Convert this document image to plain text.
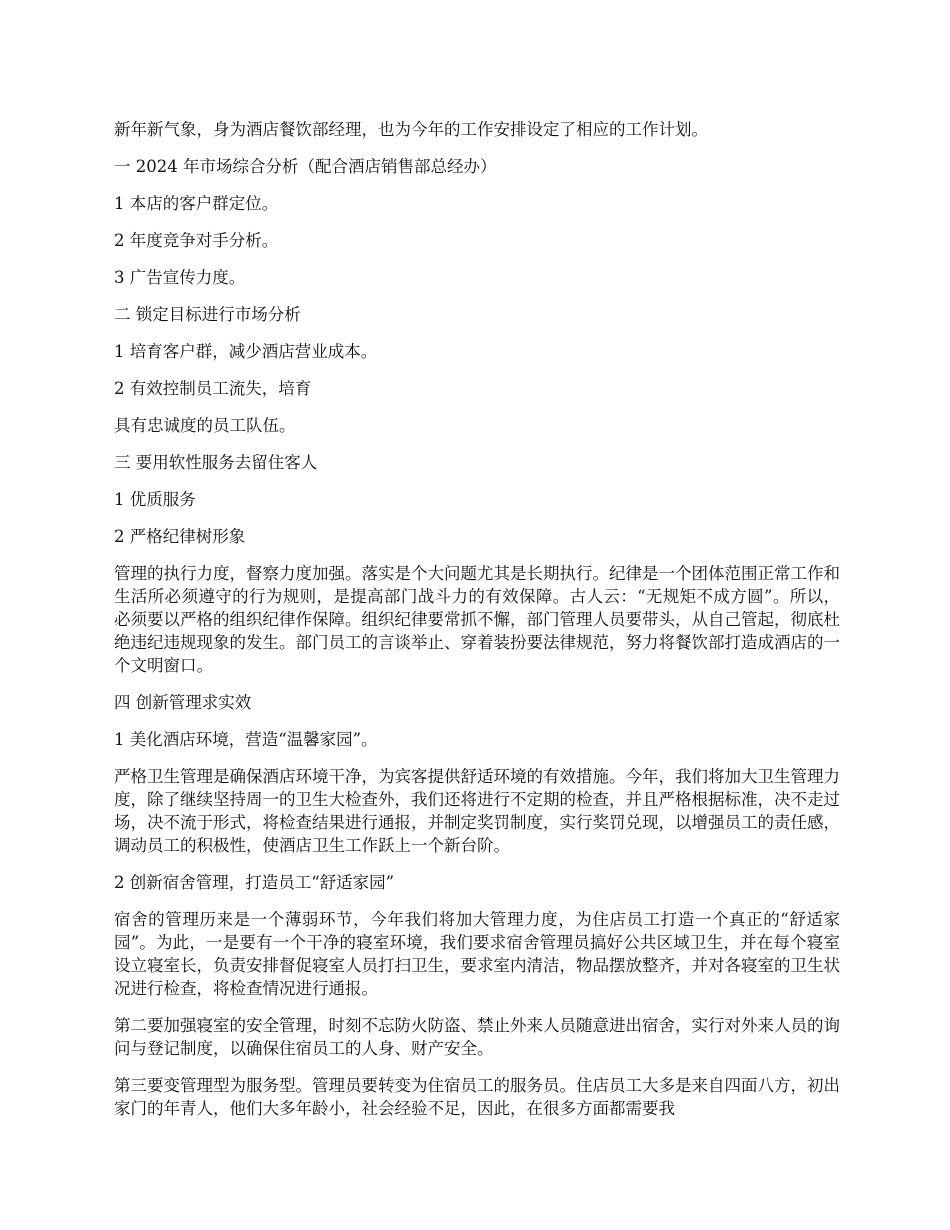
新年新气象，身为酒店餐饮部经理，也为今年的工作安排设定了相应的工作计划。

一 2024 年市场综合分析（配合酒店销售部总经办）

1 本店的客户群定位。

2 年度竞争对手分析。

3 广告宣传力度。

二 锁定目标进行市场分析

1 培育客户群，减少酒店营业成本。

2 有效控制员工流失，培育

具有忠诚度的员工队伍。

三 要用软性服务去留住客人

1 优质服务

2 严格纪律树形象

管理的执行力度，督察力度加强。落实是个大问题尤其是长期执行。纪律是一个团体范围正常工作和生活所必须遵守的行为规则，是提高部门战斗力的有效保障。古人云：“无规矩不成方圆”。所以，必须要以严格的组织纪律作保障。组织纪律要常抓不懈，部门管理人员要带头，从自己管起，彻底杜绝违纪违规现象的发生。部门员工的言谈举止、穿着装扮要法律规范，努力将餐饮部打造成酒店的一个文明窗口。

四 创新管理求实效

1 美化酒店环境，营造“温馨家园”。

严格卫生管理是确保酒店环境干净，为宾客提供舒适环境的有效措施。今年，我们将加大卫生管理力度，除了继续坚持周一的卫生大检查外，我们还将进行不定期的检查，并且严格根据标准，决不走过场，决不流于形式，将检查结果进行通报，并制定奖罚制度，实行奖罚兑现，以增强员工的责任感，调动员工的积极性，使酒店卫生工作跃上一个新台阶。

2 创新宿舍管理，打造员工“舒适家园”

宿舍的管理历来是一个薄弱环节，今年我们将加大管理力度，为住店员工打造一个真正的“舒适家园”。为此，一是要有一个干净的寝室环境，我们要求宿舍管理员搞好公共区域卫生，并在每个寝室设立寝室长，负责安排督促寝室人员打扫卫生，要求室内清洁，物品摆放整齐，并对各寝室的卫生状况进行检查，将检查情况进行通报。

第二要加强寝室的安全管理，时刻不忘防火防盗、禁止外来人员随意进出宿舍，实行对外来人员的询问与登记制度，以确保住宿员工的人身、财产安全。

第三要变管理型为服务型。管理员要转变为住宿员工的服务员。住店员工大多是来自四面八方，初出家门的年青人，他们大多年龄小，社会经验不足，因此，在很多方面都需要我
